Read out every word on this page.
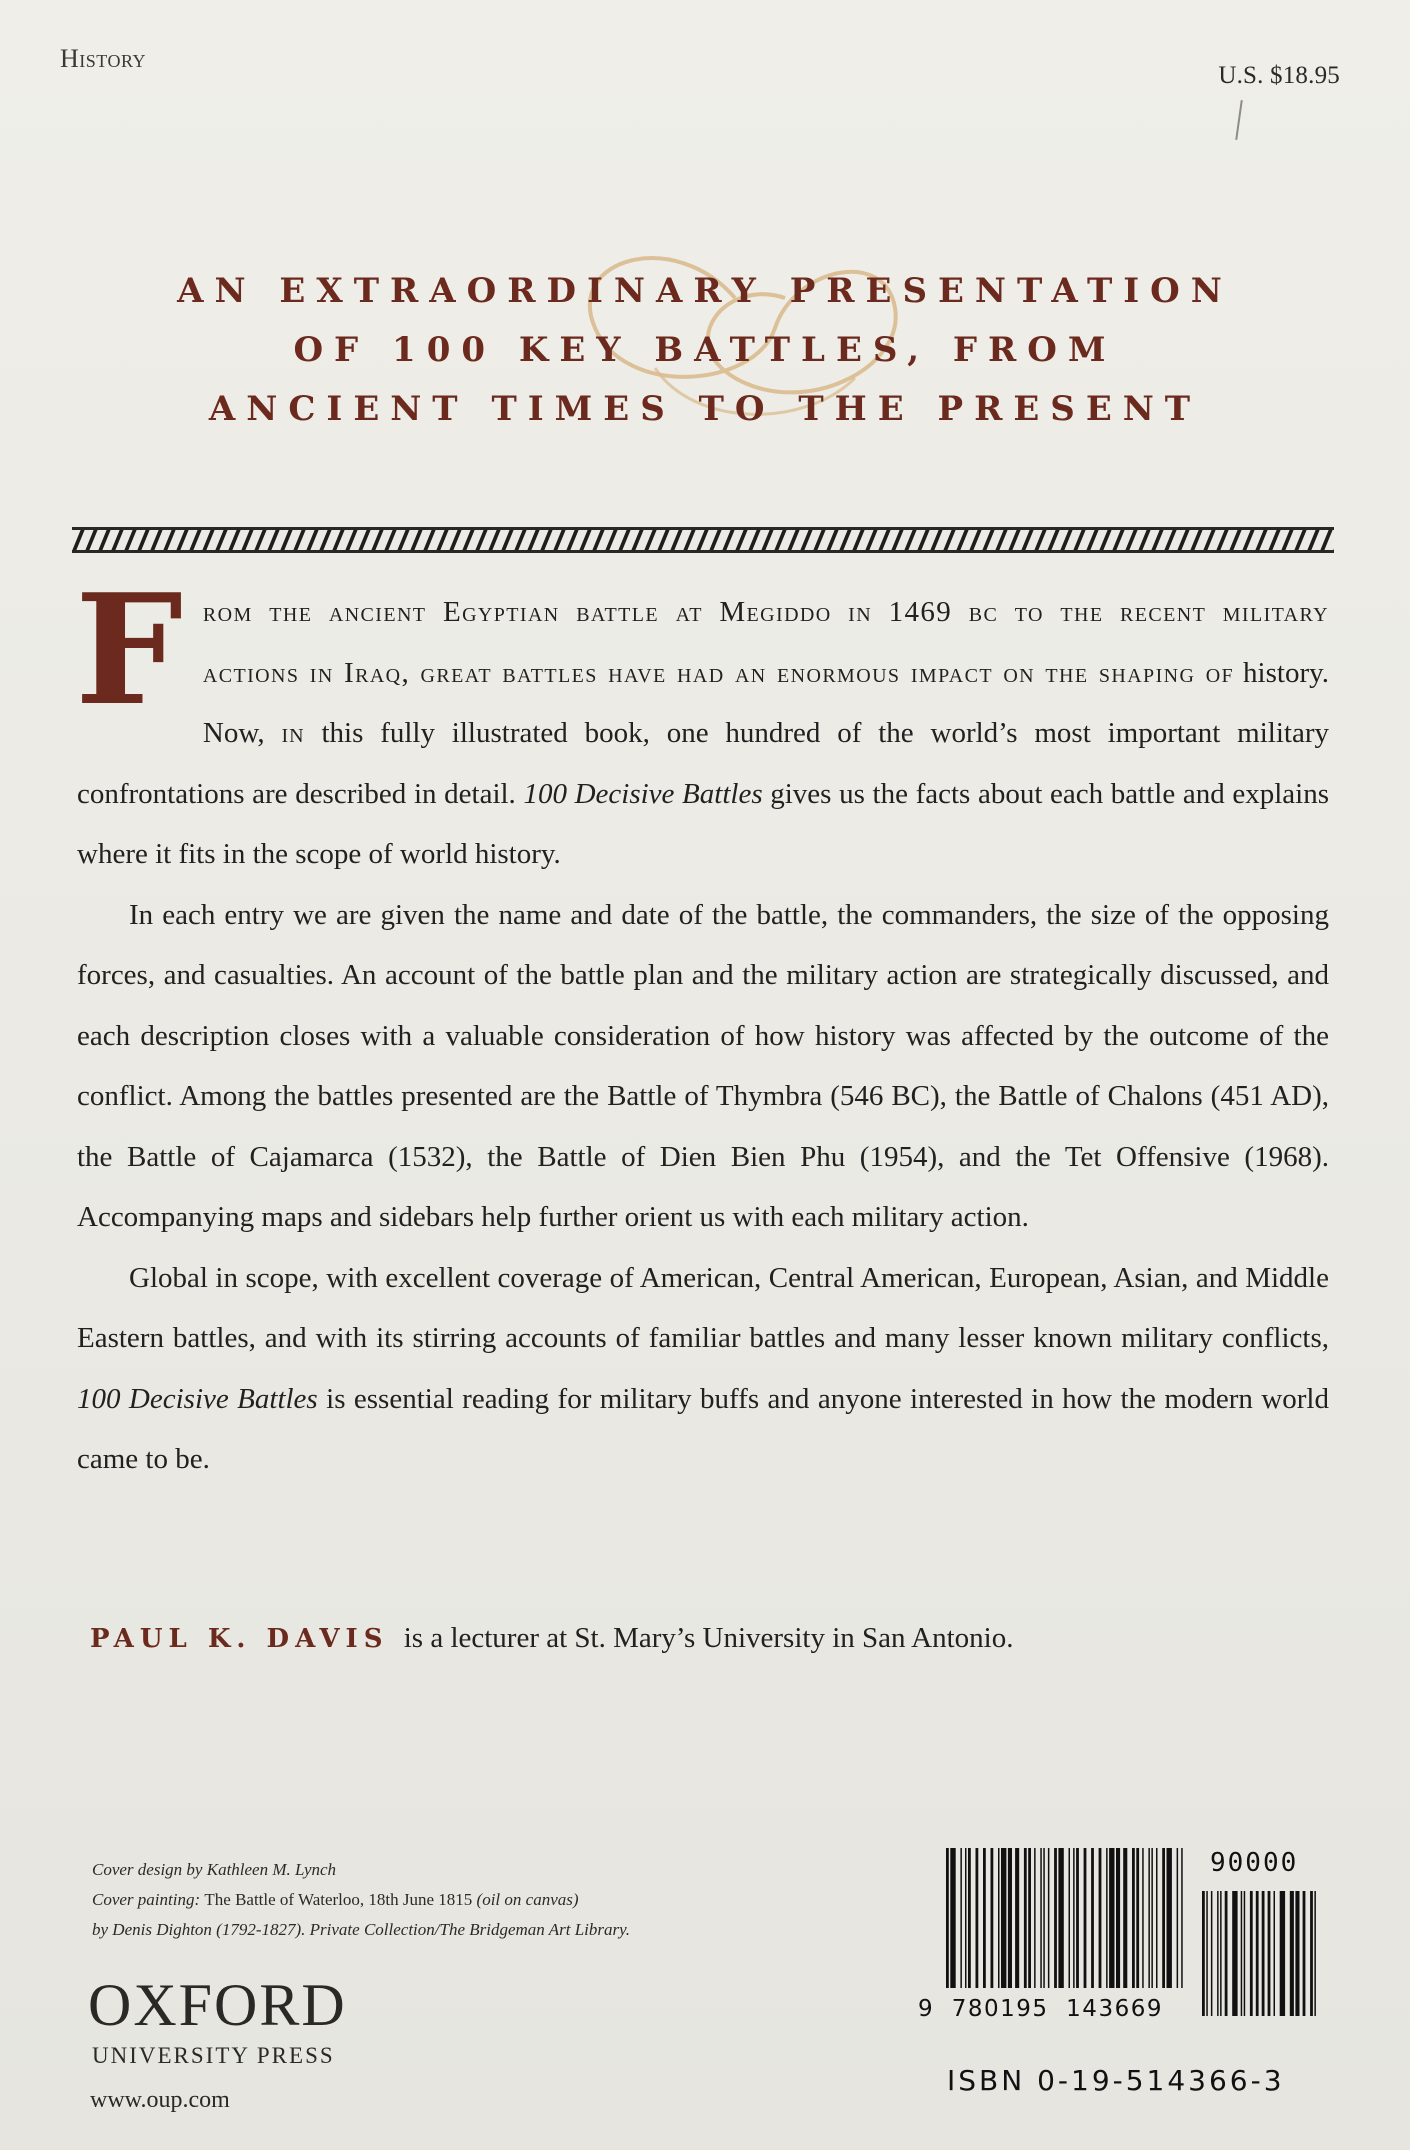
History
U.S. $18.95
AN EXTRAORDINARY PRESENTATION
OF 100 KEY BATTLES, FROM
ANCIENT TIMES TO THE PRESENT

From the ancient Egyptian battle at Megiddo in 1469 bc to the recent military actions in Iraq, great battles have had an enormous impact on the shaping of history. Now, in this fully illustrated book, one hundred of the world’s most important military confrontations are described in detail. 100 Decisive Battles gives us the facts about each battle and explains where it fits in the scope of world history.

In each entry we are given the name and date of the battle, the commanders, the size of the opposing forces, and casualties. An account of the battle plan and the military action are strategically discussed, and each description closes with a valuable consideration of how history was affected by the outcome of the conflict. Among the battles presented are the Battle of Thymbra (546 BC), the Battle of Chalons (451 AD), the Battle of Cajamarca (1532), the Battle of Dien Bien Phu (1954), and the Tet Offensive (1968). Accompanying maps and sidebars help further orient us with each military action.

Global in scope, with excellent coverage of American, Central American, European, Asian, and Middle Eastern battles, and with its stirring accounts of familiar battles and many lesser known military conflicts, 100 Decisive Battles is essential reading for military buffs and anyone interested in how the modern world came to be.

PAUL K. DAVIS is a lecturer at St. Mary’s University in San Antonio.
Cover design by Kathleen M. Lynch
Cover painting: The Battle of Waterloo, 18th June 1815 (oil on canvas)
by Denis Dighton (1792-1827). Private Collection/The Bridgeman Art Library.
OXFORD
UNIVERSITY PRESS
www.oup.com
90000
9  780195  143669
ISBN 0-19-514366-3
